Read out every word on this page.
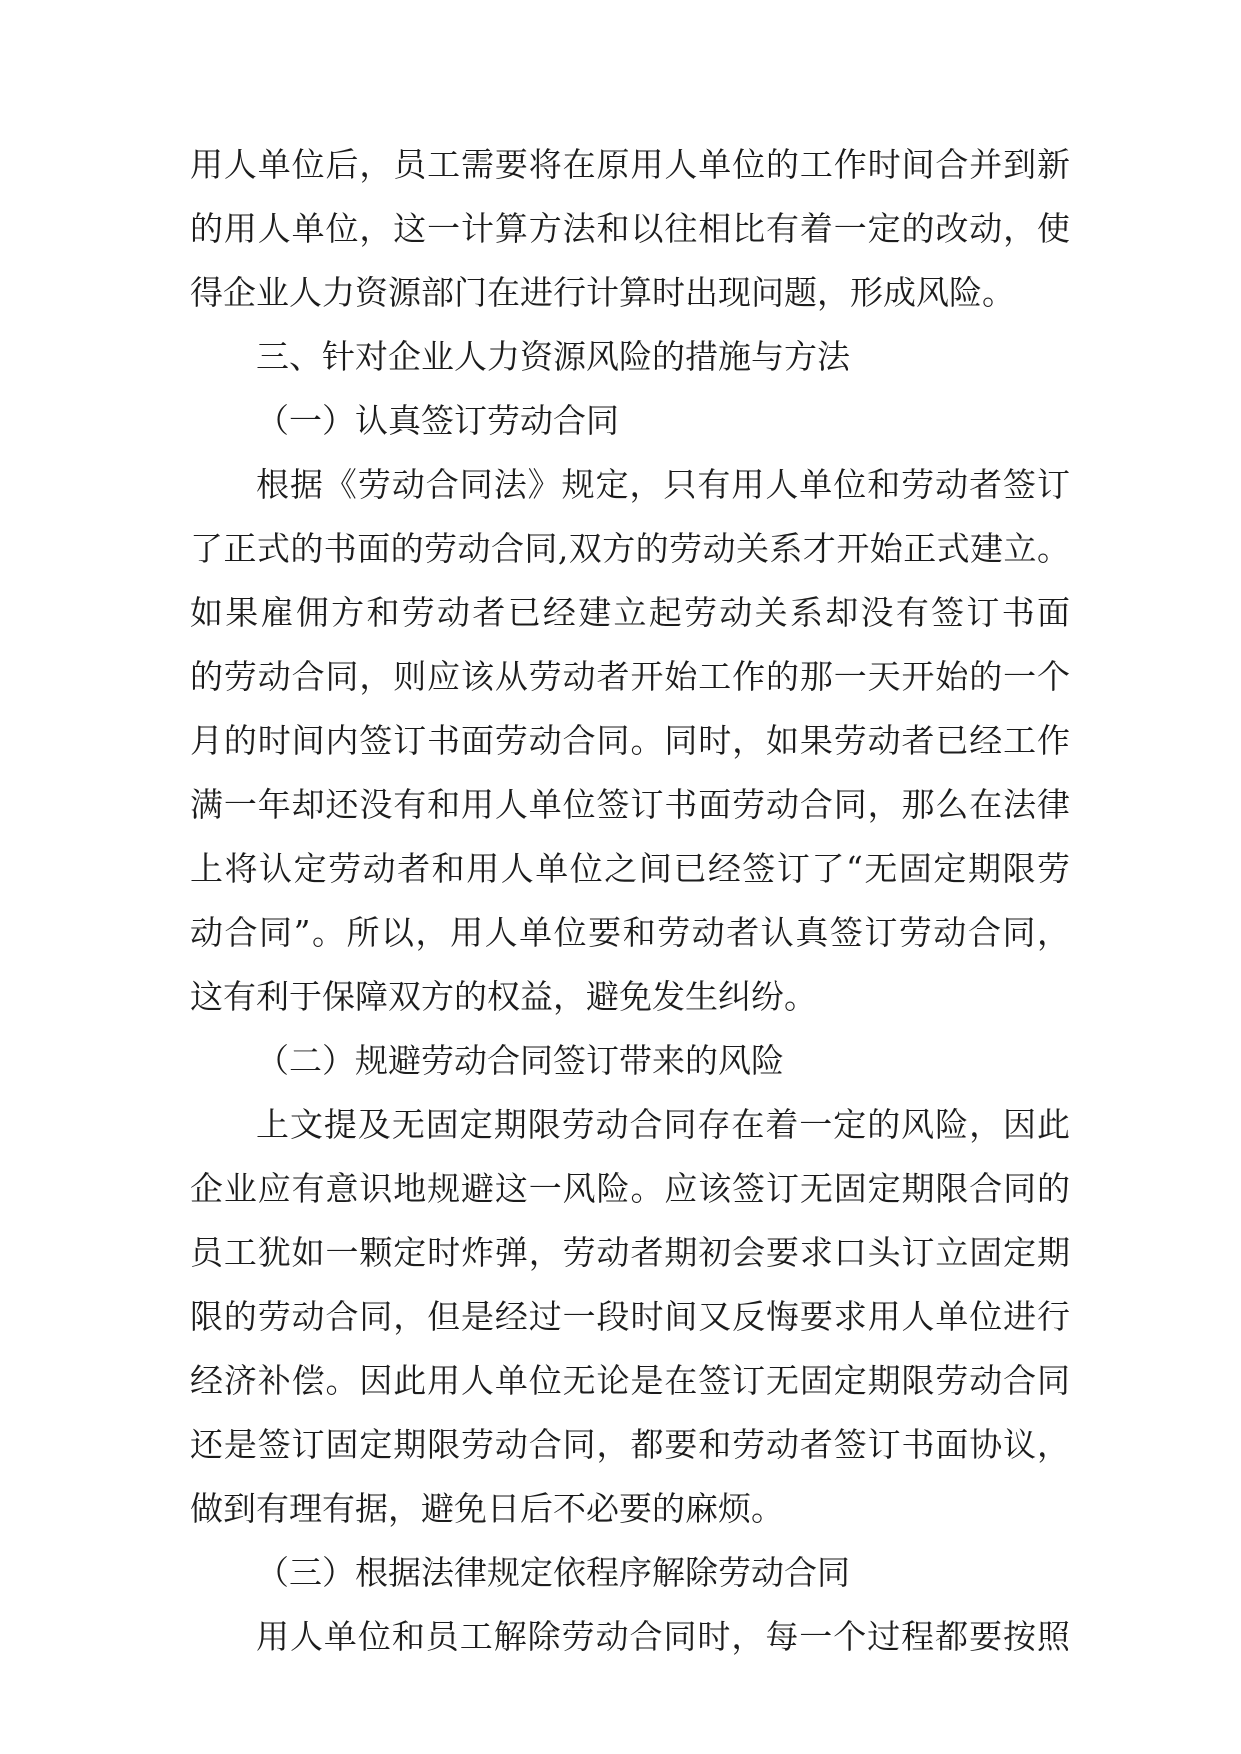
用人单位后，员工需要将在原用人单位的工作时间合并到新
的用人单位，这一计算方法和以往相比有着一定的改动，使
得企业人力资源部门在进行计算时出现问题，形成风险。
三、针对企业人力资源风险的措施与方法
（一）认真签订劳动合同
根据《劳动合同法》规定，只有用人单位和劳动者签订
了正式的书面的劳动合同,双方的劳动关系才开始正式建立。
如果雇佣方和劳动者已经建立起劳动关系却没有签订书面
的劳动合同，则应该从劳动者开始工作的那一天开始的一个
月的时间内签订书面劳动合同。同时，如果劳动者已经工作
满一年却还没有和用人单位签订书面劳动合同，那么在法律
上将认定劳动者和用人单位之间已经签订了“无固定期限劳
动合同”。所以，用人单位要和劳动者认真签订劳动合同，
这有利于保障双方的权益，避免发生纠纷。
（二）规避劳动合同签订带来的风险
上文提及无固定期限劳动合同存在着一定的风险，因此
企业应有意识地规避这一风险。应该签订无固定期限合同的
员工犹如一颗定时炸弹，劳动者期初会要求口头订立固定期
限的劳动合同，但是经过一段时间又反悔要求用人单位进行
经济补偿。因此用人单位无论是在签订无固定期限劳动合同
还是签订固定期限劳动合同，都要和劳动者签订书面协议，
做到有理有据，避免日后不必要的麻烦。
（三）根据法律规定依程序解除劳动合同
用人单位和员工解除劳动合同时，每一个过程都要按照
